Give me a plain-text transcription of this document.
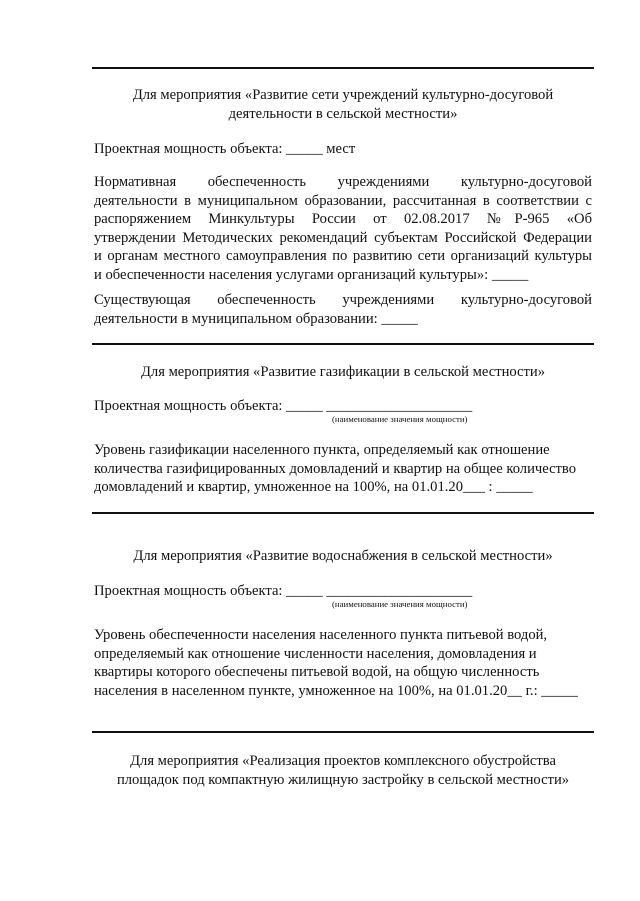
Для мероприятия «Развитие сети учреждений культурно-досуговой
деятельности в сельской местности»
Проектная мощность объекта: _____ мест
Нормативная обеспеченность учреждениями культурно-досуговой
деятельности в муниципальном образовании, рассчитанная в соответствии с
распоряжением Минкультуры России от 02.08.2017 №Р-965 «Об
утверждении Методических рекомендаций субъектам Российской Федерации
и органам местного самоуправления по развитию сети организаций культуры
и обеспеченности населения услугами организаций культуры»: _____
Существующая обеспеченность учреждениями культурно-досуговой
деятельности в муниципальном образовании: _____
Для мероприятия «Развитие газификации в сельской местности»
Проектная мощность объекта: _____ ____________________
(наименование значения мощности)
Уровень газификации населенного пункта, определяемый как отношение
количества газифицированных домовладений и квартир на общее количество
домовладений и квартир, умноженное на 100%, на 01.01.20___ : _____
Для мероприятия «Развитие водоснабжения в сельской местности»
Проектная мощность объекта: _____ ____________________
(наименование значения мощности)
Уровень обеспеченности населения населенного пункта питьевой водой,
определяемый как отношение численности населения, домовладения и
квартиры которого обеспечены питьевой водой, на общую численность
населения в населенном пункте, умноженное на 100%, на 01.01.20__ г.: _____
Для мероприятия «Реализация проектов комплексного обустройства
площадок под компактную жилищную застройку в сельской местности»
